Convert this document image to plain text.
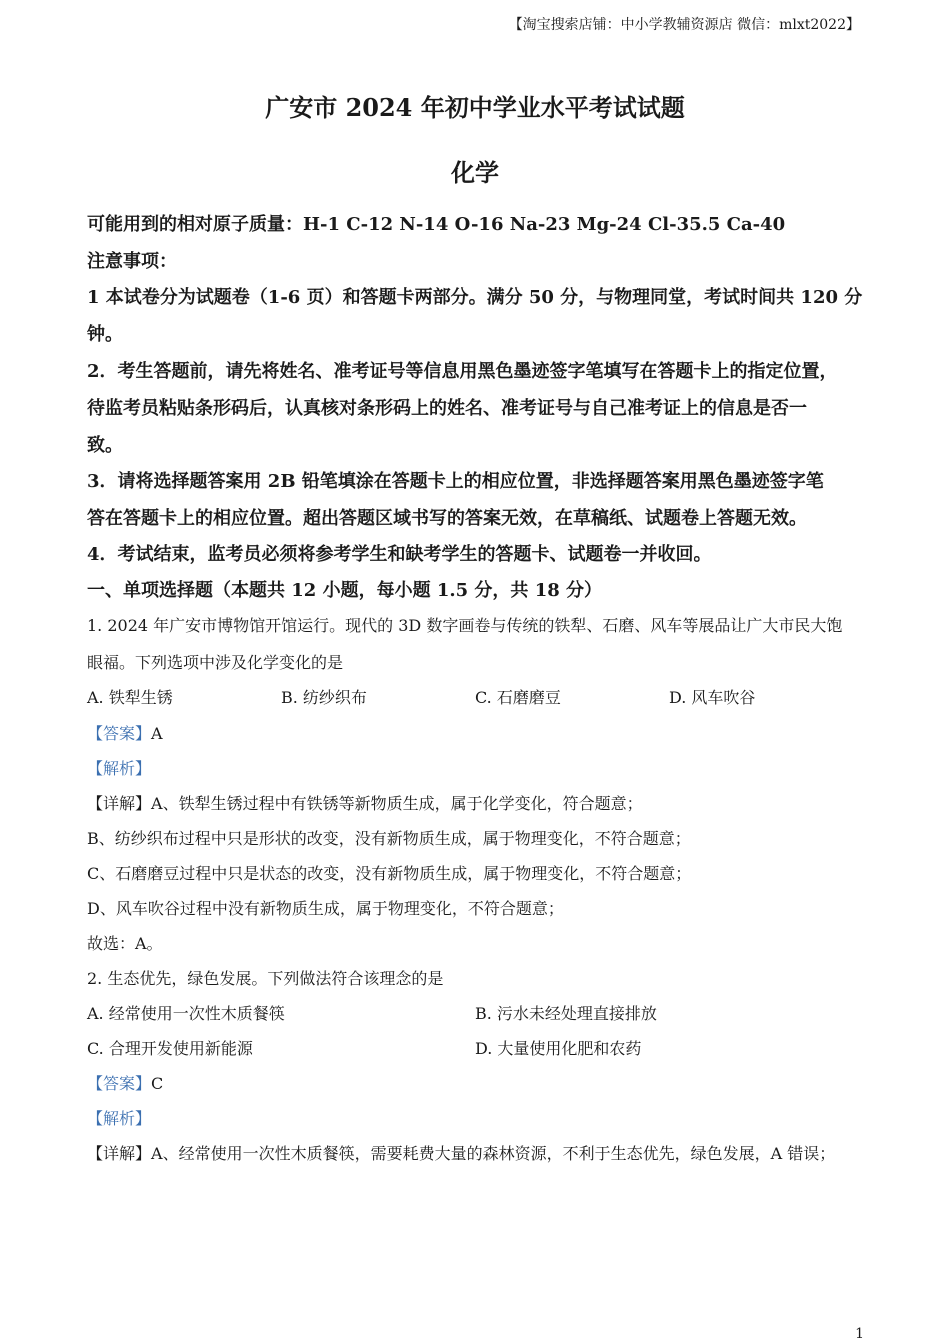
【淘宝搜索店铺：中小学教辅资源店 微信：mlxt2022】
广安市 2024 年初中学业水平考试试题
化学
可能用到的相对原子质量：H-1 C-12 N-14 O-16 Na-23 Mg-24 Cl-35.5 Ca-40
注意事项：
1 本试卷分为试题卷（1-6 页）和答题卡两部分。满分 50 分，与物理同堂，考试时间共 120 分
钟。
2．考生答题前，请先将姓名、准考证号等信息用黑色墨迹签字笔填写在答题卡上的指定位置，
待监考员粘贴条形码后，认真核对条形码上的姓名、准考证号与自己准考证上的信息是否一
致。
3．请将选择题答案用 2B 铅笔填涂在答题卡上的相应位置，非选择题答案用黑色墨迹签字笔
答在答题卡上的相应位置。超出答题区域书写的答案无效，在草稿纸、试题卷上答题无效。
4．考试结束，监考员必须将参考学生和缺考学生的答题卡、试题卷一并收回。
一、单项选择题（本题共 12 小题，每小题 1.5 分，共 18 分）
1. 2024 年广安市博物馆开馆运行。现代的 3D 数字画卷与传统的铁犁、石磨、风车等展品让广大市民大饱
眼福。下列选项中涉及化学变化的是
A. 铁犁生锈	B. 纺纱织布	C. 石磨磨豆	D. 风车吹谷
【答案】A
【解析】
【详解】A、铁犁生锈过程中有铁锈等新物质生成，属于化学变化，符合题意；
B、纺纱织布过程中只是形状的改变，没有新物质生成，属于物理变化，不符合题意；
C、石磨磨豆过程中只是状态的改变，没有新物质生成，属于物理变化，不符合题意；
D、风车吹谷过程中没有新物质生成，属于物理变化，不符合题意；
故选：A。
2. 生态优先，绿色发展。下列做法符合该理念的是
A. 经常使用一次性木质餐筷	B. 污水未经处理直接排放
C. 合理开发使用新能源	D. 大量使用化肥和农药
【答案】C
【解析】
【详解】A、经常使用一次性木质餐筷，需要耗费大量的森林资源，不利于生态优先，绿色发展，A 错误；
1
